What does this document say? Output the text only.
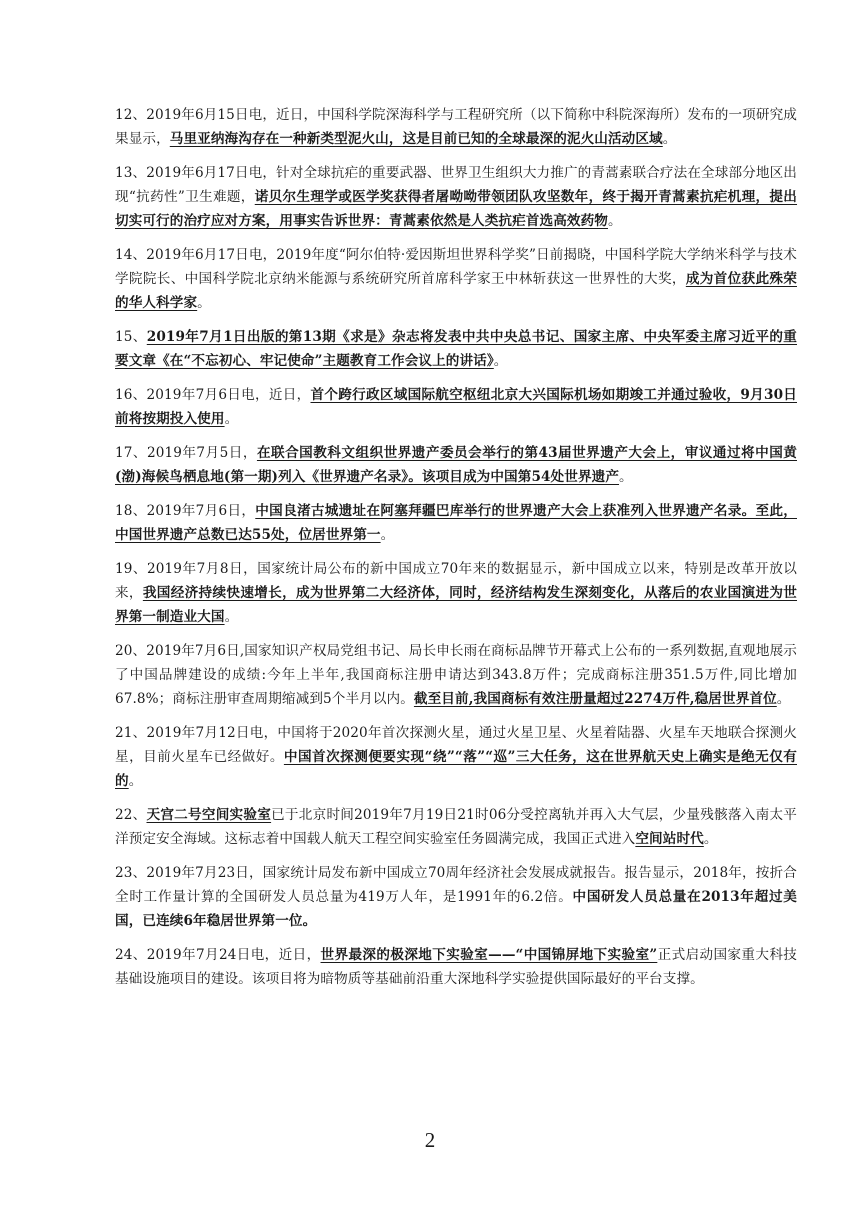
12、2019年6月15日电，近日，中国科学院深海科学与工程研究所（以下简称中科院深海所）发布的一项研究成果显示，马里亚纳海沟存在一种新类型泥火山，这是目前已知的全球最深的泥火山活动区域。

13、2019年6月17日电，针对全球抗疟的重要武器、世界卫生组织大力推广的青蒿素联合疗法在全球部分地区出现“抗药性”卫生难题，诺贝尔生理学或医学奖获得者屠呦呦带领团队攻坚数年，终于揭开青蒿素抗疟机理，提出切实可行的治疗应对方案，用事实告诉世界：青蒿素依然是人类抗疟首选高效药物。

14、2019年6月17日电，2019年度“阿尔伯特·爱因斯坦世界科学奖”日前揭晓，中国科学院大学纳米科学与技术学院院长、中国科学院北京纳米能源与系统研究所首席科学家王中林斩获这一世界性的大奖，成为首位获此殊荣的华人科学家。

15、2019年7月1日出版的第13期《求是》杂志将发表中共中央总书记、国家主席、中央军委主席习近平的重要文章《在“不忘初心、牢记使命”主题教育工作会议上的讲话》。

16、2019年7月6日电，近日，首个跨行政区域国际航空枢纽北京大兴国际机场如期竣工并通过验收，9月30日前将按期投入使用。

17、2019年7月5日，在联合国教科文组织世界遗产委员会举行的第43届世界遗产大会上，审议通过将中国黄(渤)海候鸟栖息地(第一期)列入《世界遗产名录》。该项目成为中国第54处世界遗产。

18、2019年7月6日，中国良渚古城遗址在阿塞拜疆巴库举行的世界遗产大会上获准列入世界遗产名录。至此，中国世界遗产总数已达55处，位居世界第一。

19、2019年7月8日，国家统计局公布的新中国成立70年来的数据显示，新中国成立以来，特别是改革开放以来，我国经济持续快速增长，成为世界第二大经济体，同时，经济结构发生深刻变化，从落后的农业国演进为世界第一制造业大国。

20、2019年7月6日,国家知识产权局党组书记、局长申长雨在商标品牌节开幕式上公布的一系列数据,直观地展示了中国品牌建设的成绩:今年上半年,我国商标注册申请达到343.8万件；完成商标注册351.5万件,同比增加67.8%；商标注册审查周期缩减到5个半月以内。截至目前,我国商标有效注册量超过2274万件,稳居世界首位。

21、2019年7月12日电，中国将于2020年首次探测火星，通过火星卫星、火星着陆器、火星车天地联合探测火星，目前火星车已经做好。中国首次探测便要实现“绕”“落”“巡”三大任务，这在世界航天史上确实是绝无仅有的。

22、天宫二号空间实验室已于北京时间2019年7月19日21时06分受控离轨并再入大气层，少量残骸落入南太平洋预定安全海域。这标志着中国载人航天工程空间实验室任务圆满完成，我国正式进入空间站时代。

23、2019年7月23日，国家统计局发布新中国成立70周年经济社会发展成就报告。报告显示，2018年，按折合全时工作量计算的全国研发人员总量为419万人年，是1991年的6.2倍。中国研发人员总量在2013年超过美国，已连续6年稳居世界第一位。

24、2019年7月24日电，近日，世界最深的极深地下实验室——“中国锦屏地下实验室”正式启动国家重大科技基础设施项目的建设。该项目将为暗物质等基础前沿重大深地科学实验提供国际最好的平台支撑。

2
